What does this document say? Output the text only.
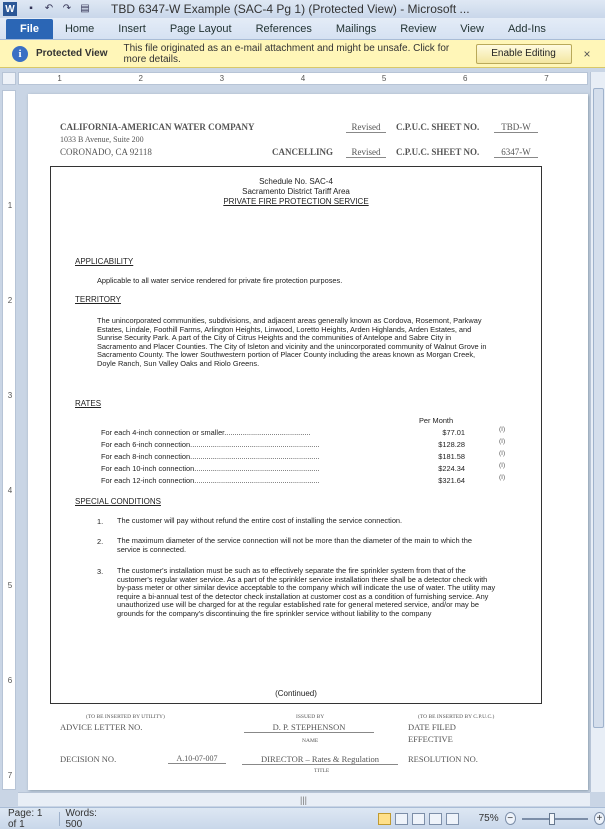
W	▪	↶ ↷ ▤ TBD 6347-W Example (SAC-4 Pg 1) (Protected View) - Microsoft ...
File	Home	Insert	Page Layout	References	Mailings	Review	View	Add-Ins
i	Protected View This file originated as an e-mail attachment and might be unsafe. Click for more details.	Enable Editing	×
1	2	3	4	5	6	7
1
2
3
4
5
6
7
CALIFORNIA-AMERICAN WATER COMPANY
1033 B Avenue, Suite 200
CORONADO, CA 92118
Revised	C.P.U.C. SHEET NO.	TBD-W
CANCELLING	Revised	C.P.U.C. SHEET NO.	6347-W
Schedule No. SAC-4
Sacramento District Tariff Area
PRIVATE FIRE PROTECTION SERVICE
APPLICABILITY
Applicable to all water service rendered for private fire protection purposes.
TERRITORY
The unincorporated communities, subdivisions, and adjacent areas generally known as Cordova, Rosemont, Parkway Estates, Lindale, Foothill Farms, Arlington Heights, Linwood, Loretto Heights, Arden Highlands, Arden Estates, and Sunrise Security Park. A part of the City of Citrus Heights and the communities of Antelope and Sabre City in Sacramento and Placer Counties. The City of Isleton and vicinity and the unincorporated community of Walnut Grove in Sacramento County. The lower Southwestern portion of Placer County including the areas known as Morgan Creek, Doyle Ranch, Sun Valley Oaks and Riolo Greens.
RATES
Per Month
For each 4-inch connection or smaller..........................................	$77.01	(I)
For each 6-inch connection...............................................................	$128.28	(I)
For each 8-inch connection...............................................................	$181.58	(I)
For each 10-inch connection.............................................................	$224.34	(I)
For each 12-inch connection.............................................................	$321.64	(I)
SPECIAL CONDITIONS
1. The customer will pay without refund the entire cost of installing the service connection.
2. The maximum diameter of the service connection will not be more than the diameter of the main to which the service is connected.
3. The customer's installation must be such as to effectively separate the fire sprinkler system from that of the customer's regular water service. As a part of the sprinkler service installation there shall be a detector check with by-pass meter or other similar device acceptable to the company which will indicate the use of water. The utility may require a bi-annual test of the detector check installation at customer cost as a condition of furnishing service. Any unauthorized use will be charged for at the regular established rate for general metered service, and/or may be grounds for the company's discontinuing the fire sprinkler service without liability to the company
(Continued)
(TO BE INSERTED BY UTILITY)	ISSUED BY	(TO BE INSERTED BY C.P.U.C.)
ADVICE LETTER NO.	D. P. STEPHENSON
NAME
DATE FILED
EFFECTIVE
DECISION NO.	A.10-07-007	DIRECTOR – Rates & Regulation
TITLE
RESOLUTION NO.
|||
Page: 1 of 1
Words: 500	75% −	+
